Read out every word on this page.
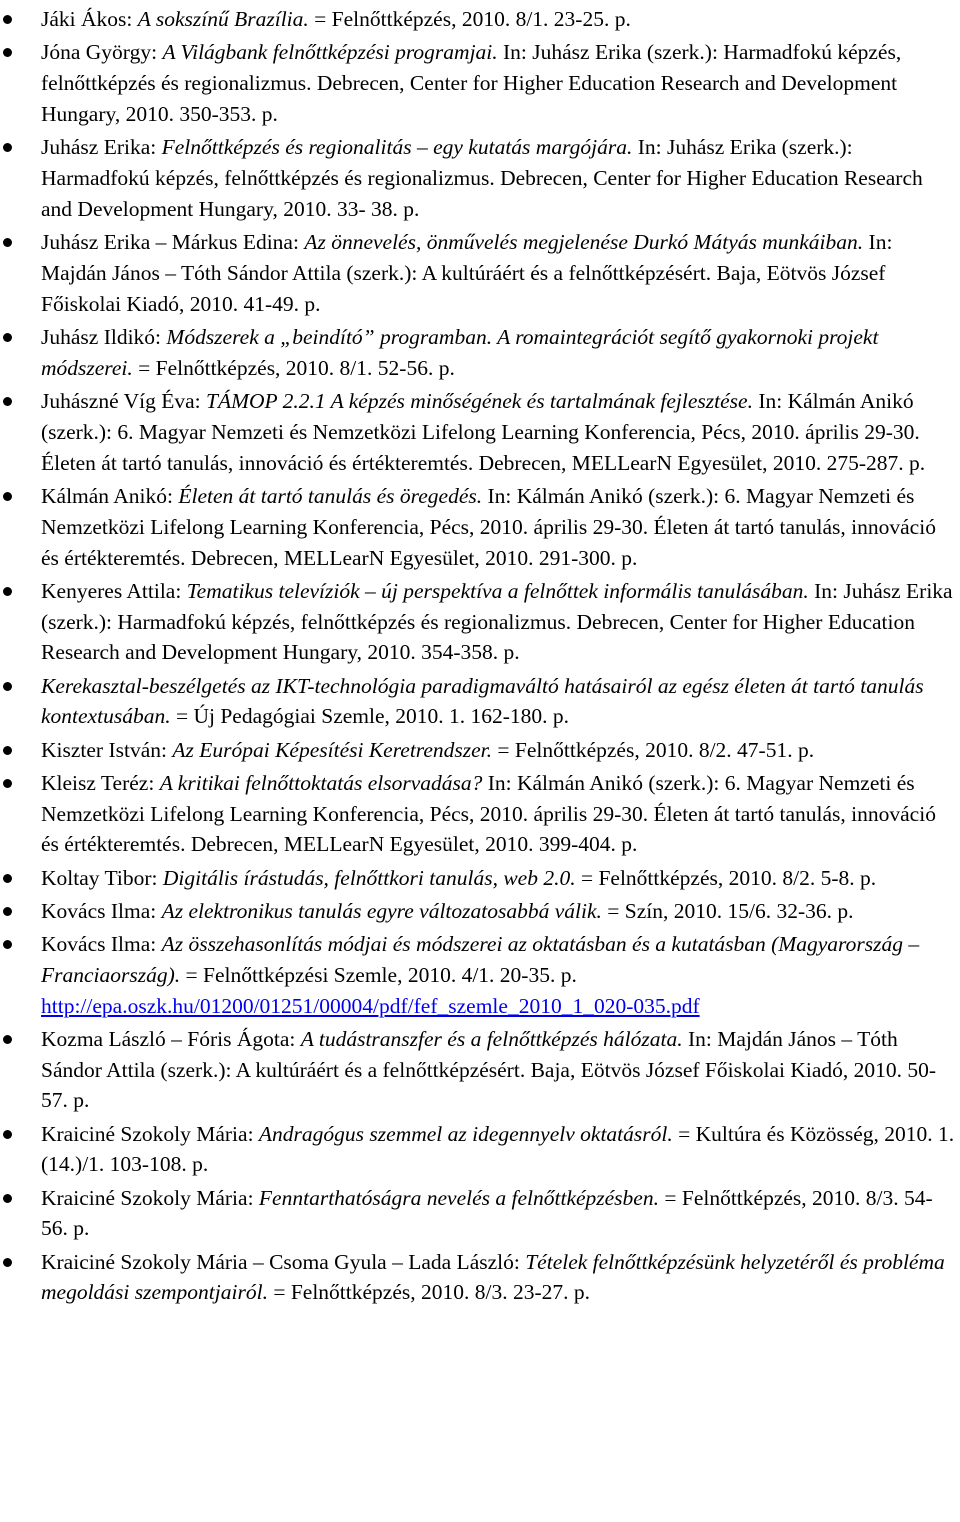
Jáki Ákos: A sokszínű Brazília. = Felnőttképzés, 2010. 8/1. 23-25. p.
Jóna György: A Világbank felnőttképzési programjai. In: Juhász Erika (szerk.): Harmadfokú képzés, felnőttképzés és regionalizmus. Debrecen, Center for Higher Education Research and Development Hungary, 2010. 350-353. p.
Juhász Erika: Felnőttképzés és regionalitás – egy kutatás margójára. In: Juhász Erika (szerk.): Harmadfokú képzés, felnőttképzés és regionalizmus. Debrecen, Center for Higher Education Research and Development Hungary, 2010. 33- 38. p.
Juhász Erika – Márkus Edina: Az önnevelés, önművelés megjelenése Durkó Mátyás munkáiban. In: Majdán János – Tóth Sándor Attila (szerk.): A kultúráért és a felnőttképzésért. Baja, Eötvös József Főiskolai Kiadó, 2010. 41-49. p.
Juhász Ildikó: Módszerek a „beindító” programban. A romaintegrációt segítő gyakornoki projekt módszerei. = Felnőttképzés, 2010. 8/1. 52-56. p.
Juhászné Víg Éva: TÁMOP 2.2.1 A képzés minőségének és tartalmának fejlesztése. In: Kálmán Anikó (szerk.): 6. Magyar Nemzeti és Nemzetközi Lifelong Learning Konferencia, Pécs, 2010. április 29-30. Életen át tartó tanulás, innováció és értékteremtés. Debrecen, MELLearN Egyesület, 2010. 275-287. p.
Kálmán Anikó: Életen át tartó tanulás és öregedés. In: Kálmán Anikó (szerk.): 6. Magyar Nemzeti és Nemzetközi Lifelong Learning Konferencia, Pécs, 2010. április 29-30. Életen át tartó tanulás, innováció és értékteremtés. Debrecen, MELLearN Egyesület, 2010. 291-300. p.
Kenyeres Attila: Tematikus televíziók – új perspektíva a felnőttek informális tanulásában. In: Juhász Erika (szerk.): Harmadfokú képzés, felnőttképzés és regionalizmus. Debrecen, Center for Higher Education Research and Development Hungary, 2010. 354-358. p.
Kerekasztal-beszélgetés az IKT-technológia paradigmaváltó hatásairól az egész életen át tartó tanulás kontextusában. = Új Pedagógiai Szemle, 2010. 1. 162-180. p.
Kiszter István: Az Európai Képesítési Keretrendszer. = Felnőttképzés, 2010. 8/2. 47-51. p.
Kleisz Teréz: A kritikai felnőttoktatás elsorvadása? In: Kálmán Anikó (szerk.): 6. Magyar Nemzeti és Nemzetközi Lifelong Learning Konferencia, Pécs, 2010. április 29-30. Életen át tartó tanulás, innováció és értékteremtés. Debrecen, MELLearN Egyesület, 2010. 399-404. p.
Koltay Tibor: Digitális írástudás, felnőttkori tanulás, web 2.0. = Felnőttképzés, 2010. 8/2. 5-8. p.
Kovács Ilma: Az elektronikus tanulás egyre változatosabbá válik. = Szín, 2010. 15/6. 32-36. p.
Kovács Ilma: Az összehasonlítás módjai és módszerei az oktatásban és a kutatásban (Magyarország – Franciaország). = Felnőttképzési Szemle, 2010. 4/1. 20-35. p.
http://epa.oszk.hu/01200/01251/00004/pdf/fef_szemle_2010_1_020-035.pdf
Kozma László – Fóris Ágota: A tudástranszfer és a felnőttképzés hálózata. In: Majdán János – Tóth Sándor Attila (szerk.): A kultúráért és a felnőttképzésért. Baja, Eötvös József Főiskolai Kiadó, 2010. 50-57. p.
Kraiciné Szokoly Mária: Andragógus szemmel az idegennyelv oktatásról. = Kultúra és Közösség, 2010. 1.(14.)/1. 103-108. p.
Kraiciné Szokoly Mária: Fenntarthatóságra nevelés a felnőttképzésben. = Felnőttképzés, 2010. 8/3. 54-56. p.
Kraiciné Szokoly Mária – Csoma Gyula – Lada László: Tételek felnőttképzésünk helyzetéről és probléma megoldási szempontjairól. = Felnőttképzés, 2010. 8/3. 23-27. p.
